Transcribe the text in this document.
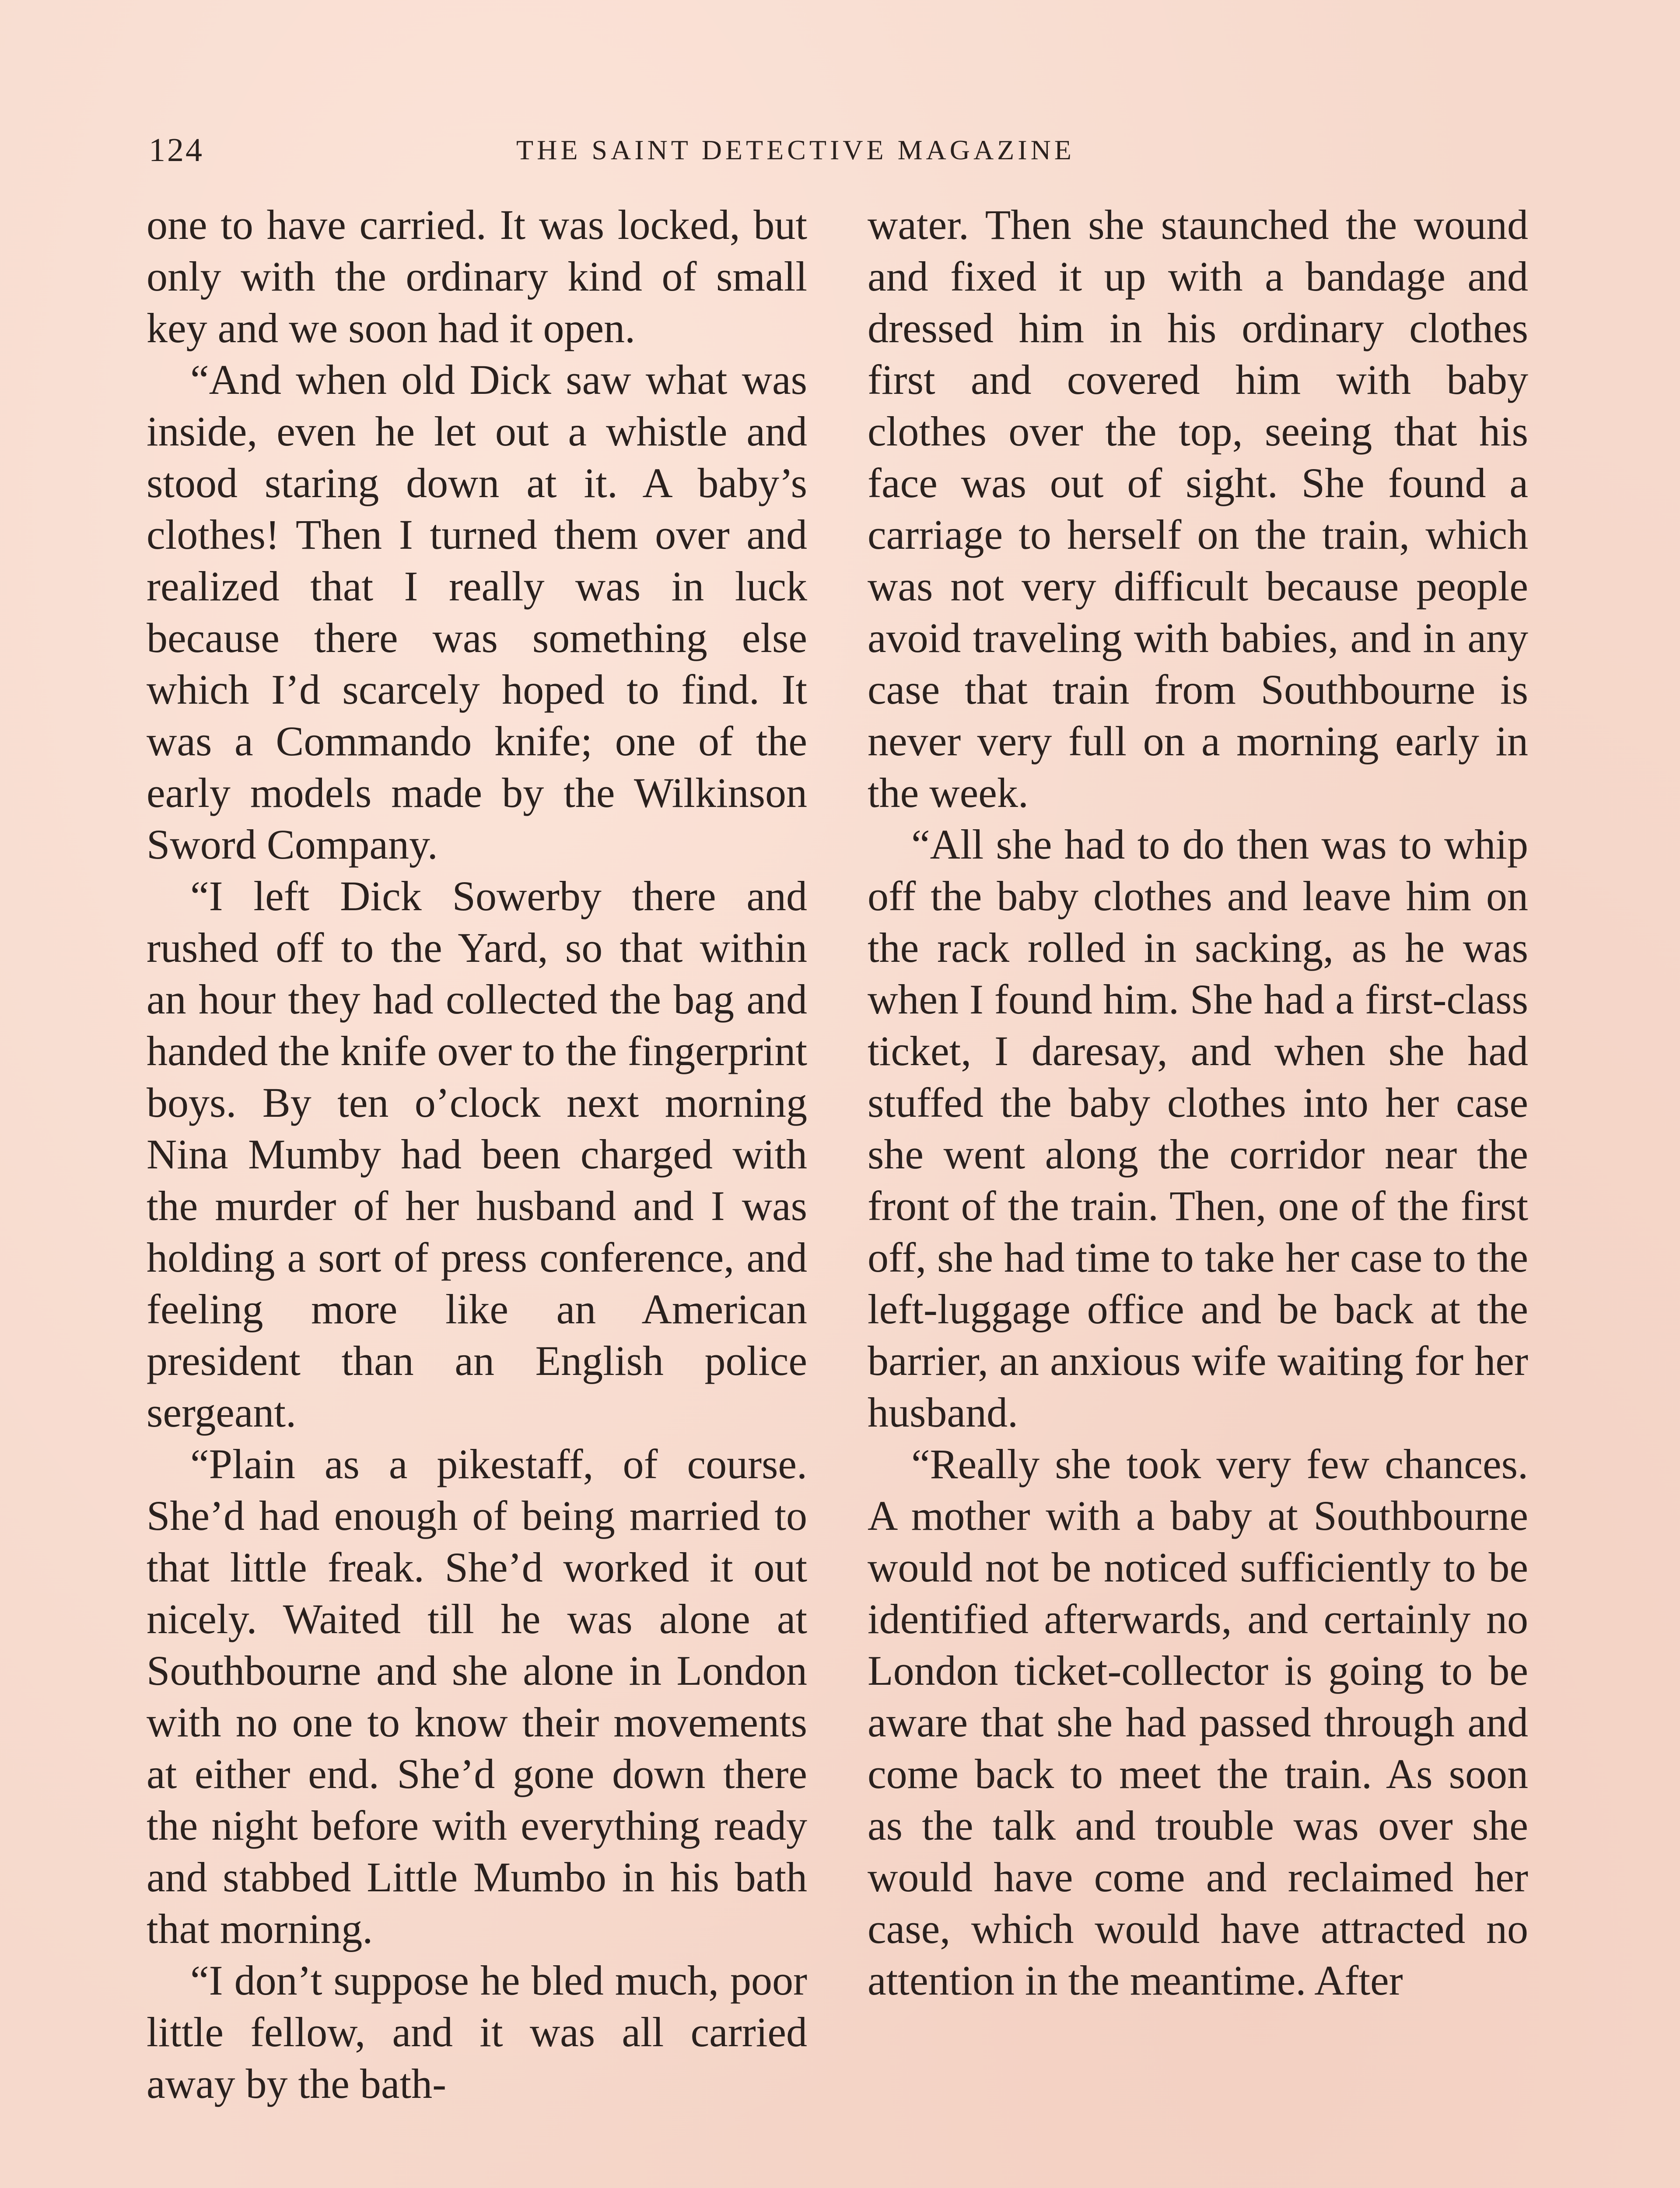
124	THE SAINT DETECTIVE MAGAZINE

one to have carried. It was locked, but only with the ordinary kind of small key and we soon had it open.

“And when old Dick saw what was inside, even he let out a whistle and stood staring down at it. A baby’s clothes! Then I turned them over and realized that I really was in luck because there was something else which I’d scarcely hoped to find. It was a Commando knife; one of the early models made by the Wilkinson Sword Company.

“I left Dick Sowerby there and rushed off to the Yard, so that within an hour they had collected the bag and handed the knife over to the fingerprint boys. By ten o’clock next morning Nina Mumby had been charged with the murder of her husband and I was holding a sort of press conference, and feeling more like an American president than an English police sergeant.

“Plain as a pikestaff, of course. She’d had enough of being married to that little freak. She’d worked it out nicely. Waited till he was alone at Southbourne and she alone in London with no one to know their movements at either end. She’d gone down there the night before with everything ready and stabbed Little Mumbo in his bath that morning.

“I don’t suppose he bled much, poor little fellow, and it was all carried away by the bath-

water. Then she staunched the wound and fixed it up with a bandage and dressed him in his ordinary clothes first and covered him with baby clothes over the top, seeing that his face was out of sight. She found a carriage to herself on the train, which was not very difficult because people avoid traveling with babies, and in any case that train from Southbourne is never very full on a morning early in the week.

“All she had to do then was to whip off the baby clothes and leave him on the rack rolled in sacking, as he was when I found him. She had a first-class ticket, I daresay, and when she had stuffed the baby clothes into her case she went along the corridor near the front of the train. Then, one of the first off, she had time to take her case to the left-luggage office and be back at the barrier, an anxious wife waiting for her husband.

“Really she took very few chances. A mother with a baby at Southbourne would not be noticed sufficiently to be identified afterwards, and certainly no London ticket-collector is going to be aware that she had passed through and come back to meet the train. As soon as the talk and trouble was over she would have come and reclaimed her case, which would have attracted no attention in the meantime. After
